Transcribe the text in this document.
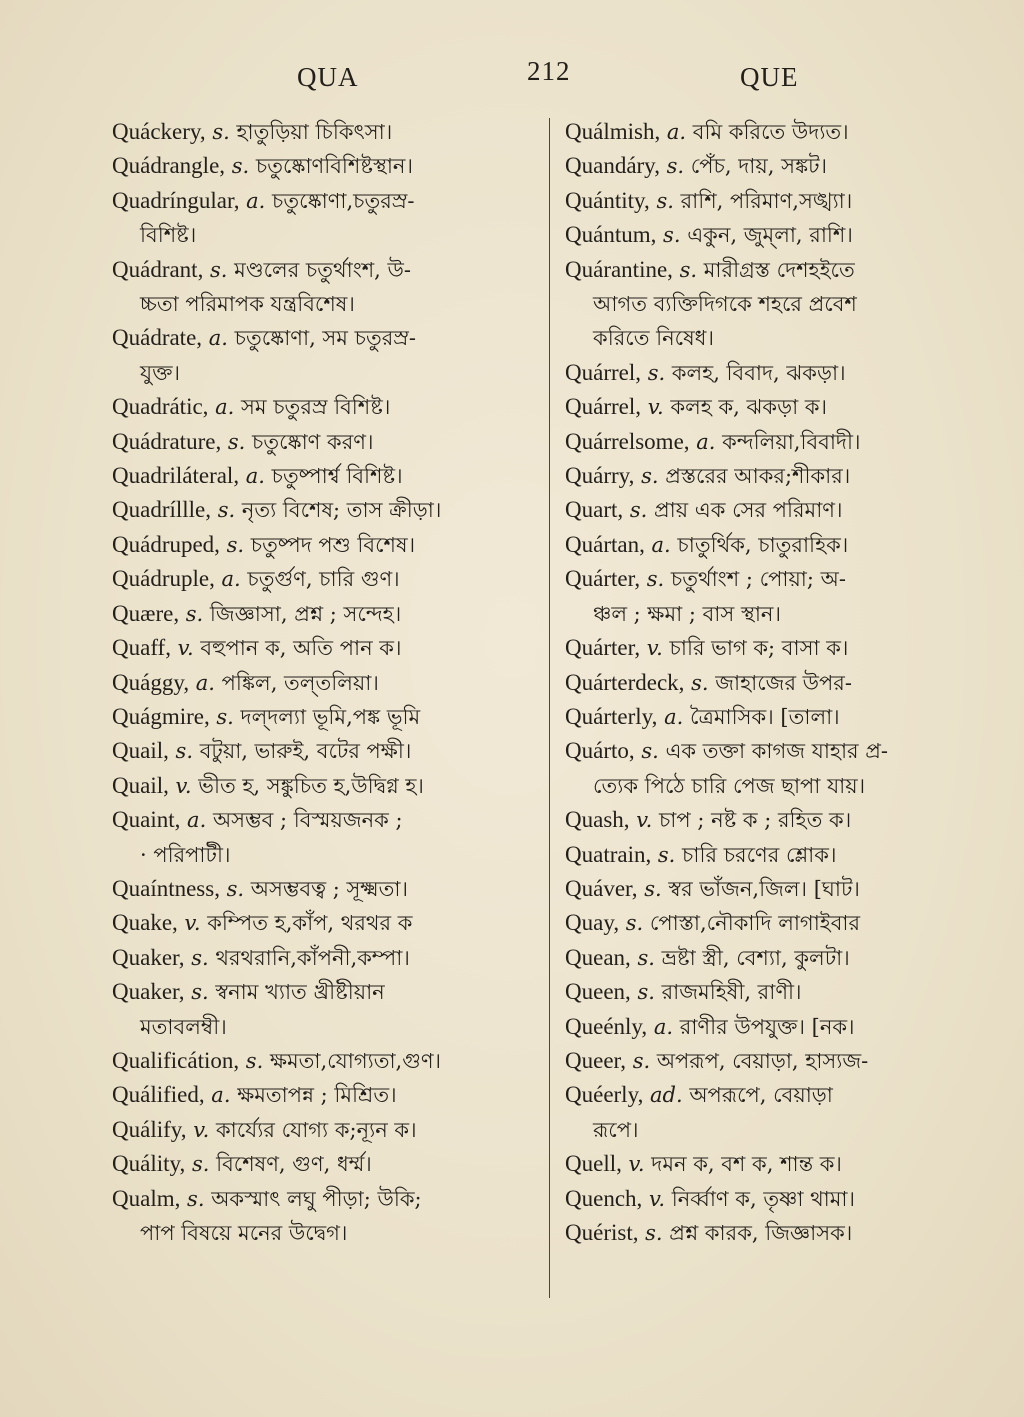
QUA	212	QUE
Quáckery, s. হাতুড়িয়া চিকিৎসা।
Quádrangle, s. চতুষ্কোণবিশিষ্টস্থান।
Quadríngular, a. চতুষ্কোণা,চতুরস্র-
বিশিষ্ট।
Quádrant, s. মণ্ডলের চতুর্থাংশ, উ-
চ্চতা পরিমাপক যন্ত্রবিশেষ।
Quádrate, a. চতুষ্কোণা, সম চতুরস্র-
যুক্ত।
Quadrátic, a. সম চতুরস্র বিশিষ্ট।
Quádrature, s. চতুষ্কোণ করণ।
Quadriláteral, a. চতুষ্পার্শ্ব বিশিষ্ট।
Quadríllle, s. নৃত্য বিশেষ; তাস ক্রীড়া।
Quádruped, s. চতুষ্পদ পশু বিশেষ।
Quádruple, a. চতুর্গুণ, চারি গুণ।
Quære, s. জিজ্ঞাসা, প্রশ্ন ; সন্দেহ।
Quaff, v. বহুপান ক, অতি পান ক।
Quággy, a. পঙ্কিল, তল্‌তলিয়া।
Quágmire, s. দল্‌দল্যা ভূমি,পঙ্ক ভূমি
Quail, s. বটুয়া, ভারুই, বটের পক্ষী।
Quail, v. ভীত হ, সঙ্কুচিত হ,উদ্বিগ্ন হ।
Quaint, a. অসম্ভব ; বিস্ময়জনক ;
· পরিপাটী।
Quaíntness, s. অসম্ভবত্ব ; সূক্ষ্মতা।
Quake, v. কম্পিত হ,কাঁপ, থরথর ক
Quaker, s. থরথরানি,কাঁপনী,কম্পা।
Quaker, s. স্বনাম খ্যাত খ্রীষ্টীয়ান
মতাবলম্বী।
Qualificátion, s. ক্ষমতা,যোগ্যতা,গুণ।
Quálified, a. ক্ষমতাপন্ন ; মিশ্রিত।
Quálify, v. কার্য্যের যোগ্য ক;ন্যূন ক।
Quálity, s. বিশেষণ, গুণ, ধর্ম্ম।
Qualm, s. অকস্মাৎ লঘু পীড়া; উকি;
পাপ বিষয়ে মনের উদ্বেগ।
Quálmish, a. বমি করিতে উদ্যত।
Quandáry, s. পেঁচ, দায়, সঙ্কট।
Quántity, s. রাশি, পরিমাণ,সঙ্খ্যা।
Quántum, s. একুন, জুম্‌লা, রাশি।
Quárantine, s. মারীগ্রস্ত দেশহইতে
আগত ব্যক্তিদিগকে শহরে প্রবেশ
করিতে নিষেধ।
Quárrel, s. কলহ, বিবাদ, ঝকড়া।
Quárrel, v. কলহ ক, ঝকড়া ক।
Quárrelsome, a. কন্দলিয়া,বিবাদী।
Quárry, s. প্রস্তরের আকর;শীকার।
Quart, s. প্রায় এক সের পরিমাণ।
Quártan, a. চাতুর্থিক, চাতুরাহিক।
Quárter, s. চতুর্থাংশ ; পোয়া; অ-
ঞ্চল ; ক্ষমা ; বাস স্থান।
Quárter, v. চারি ভাগ ক; বাসা ক।
Quárterdeck, s. জাহাজের উপর-
Quárterly, a. ত্রৈমাসিক। [তালা।
Quárto, s. এক তক্তা কাগজ যাহার প্র-
ত্যেক পিঠে চারি পেজ ছাপা যায়।
Quash, v. চাপ ; নষ্ট ক ; রহিত ক।
Quatrain, s. চারি চরণের শ্লোক।
Quáver, s. স্বর ভাঁজন,জিল। [ঘাট।
Quay, s. পোস্তা,নৌকাদি লাগাইবার
Quean, s. ভ্রষ্টা স্ত্রী, বেশ্যা, কুলটা।
Queen, s. রাজমহিষী, রাণী।
Queénly, a. রাণীর উপযুক্ত। [নক।
Queer, s. অপরূপ, বেয়াড়া, হাস্যজ-
Quéerly, ad. অপরূপে, বেয়াড়া
রূপে।
Quell, v. দমন ক, বশ ক, শান্ত ক।
Quench, v. নির্ব্বাণ ক, তৃষ্ণা থামা।
Quérist, s. প্রশ্ন কারক, জিজ্ঞাসক।
